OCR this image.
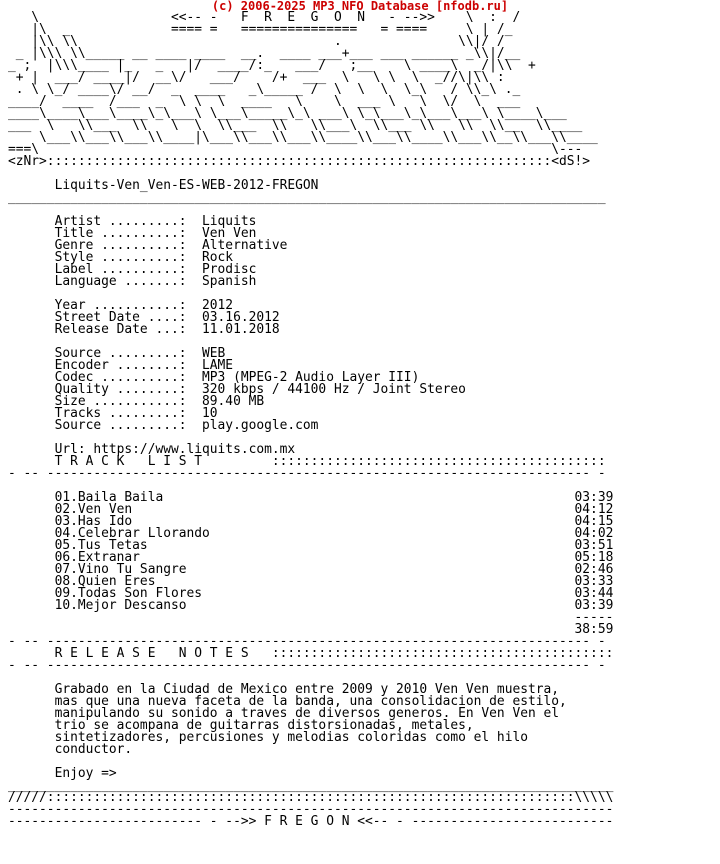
(c) 2006-2025 MP3 NFO Database [nfodb.ru]
\                 <<-- -   F  R  E  G  O  N   - -->>    \  :  /
|\  _             ==== =   ===============   = ====     \ | /_
|\\ \\                                 .               \\|/ /
_ |\\\ \\_____ __ ____ ____  __.  ____ ___+___ ___ ______ _\\|/__
_ ;  |\\\____ |_   _   |/  ____/:_   ___/   ;__    \ ____\  _/|\\  +
+ |  ___/ ____|/  __\/   ___/    /+  ___  \   \ \  \  _//\|\\ :
. \ \_/ ____\/ __/  _  ____   _\_____ /  \  \  \  \_\   / \\_\ ._
____/  ____  /___  _  \ \  \  ____   \    \  ___ \   \  \/  \  ___
____\____\___\____\_\___\ \___\_____\_\ ___\ \_\___\_\___\___\ \____\___
___  \   \\___  \\   \  \  \\___  \\   \\___\  \\___ \\   \\  \\__  \\____
\___\\___\\___\\____|\___\\___\\___\\____\\___\\____\\___\\__\\___\\____
===\                                                                  \---
<zNr>:::::::::::::::::::::::::::::::::::::::::::::::::::::::::::::::::<dS!>

Liquits-Ven_Ven-ES-WEB-2012-FREGON
_____________________________________________________________________________

Artist .........:  Liquits
Title ..........:  Ven Ven
Genre ..........:  Alternative
Style ..........:  Rock
Label ..........:  Prodisc
Language .......:  Spanish

Year ...........:  2012
Street Date ....:  03.16.2012
Release Date ...:  11.01.2018

Source .........:  WEB
Encoder ........:  LAME
Codec ..........:  MP3 (MPEG-2 Audio Layer III)
Quality ........:  320 kbps / 44100 Hz / Joint Stereo
Size ...........:  89.40 MB
Tracks .........:  10
Source .........:  play.google.com

Url: https://www.liquits.com.mx
T R A C K   L I S T         :::::::::::::::::::::::::::::::::::::::::::
- -- ---------------------------------------------------------------------- -

01.Baila Baila                                                     03:39
02.Ven Ven                                                         04:12
03.Has Ido                                                         04:15
04.Celebrar Llorando                                               04:02
05.Tus Tetas                                                       03:51
06.Extranar                                                        05:18
07.Vino Tu Sangre                                                  02:46
08.Quien Eres                                                      03:33
09.Todas Son Flores                                                03:44
10.Mejor Descanso                                                  03:39
-----
38:59
- -- ---------------------------------------------------------------------- -
R E L E A S E   N O T E S   ::::::::::::::::::::::::::::::::::::::::::::
- -- ---------------------------------------------------------------------- -

Grabado en la Ciudad de Mexico entre 2009 y 2010 Ven Ven muestra,
mas que una nueva faceta de la banda, una consolidacion de estilo,
manipulando su sonido a traves de diversos generos. En Ven Ven el
trio se acompana de guitarras distorsionadas, metales,
sintetizadores, percusiones y melodias coloridas como el hilo
conductor.

Enjoy =>
______________________________________________________________________________
/////::::::::::::::::::::::::::::::::::::::::::::::::::::::::::::::::::::\\\\\
------------------------------------------------------------------------------
------------------------- - -->> F R E G O N <<-- - --------------------------
